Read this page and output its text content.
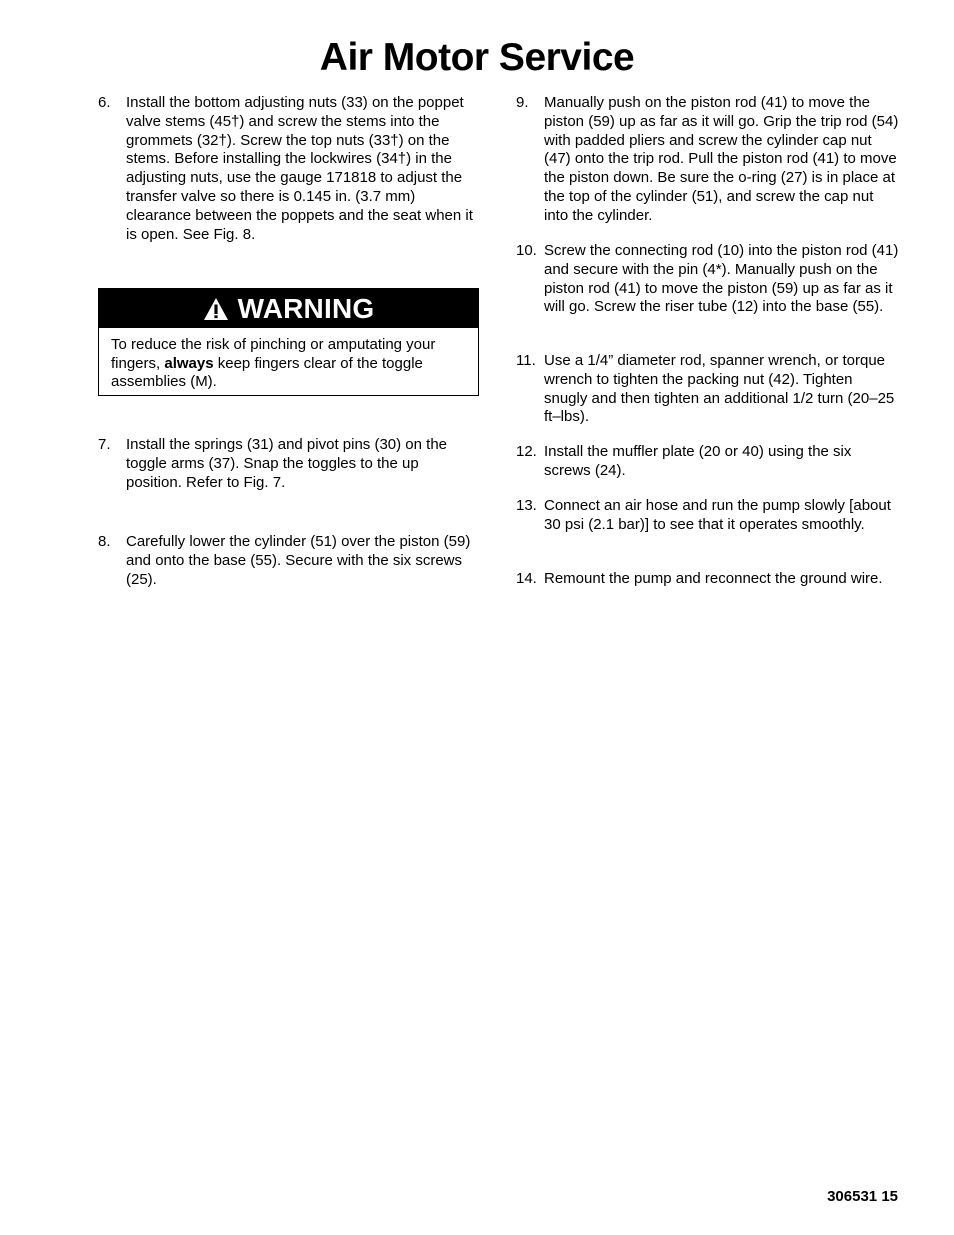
Air Motor Service
6.	Install the bottom adjusting nuts (33) on the poppet valve stems (45†) and screw the stems into the grommets (32†). Screw the top nuts (33†) on the stems. Before installing the lockwires (34†) in the adjusting nuts, use the gauge 171818 to adjust the transfer valve so there is 0.145 in. (3.7 mm) clearance between the poppets and the seat when it is open. See Fig. 8.
WARNING
To reduce the risk of pinching or amputating your fingers, always keep fingers clear of the toggle assemblies (M).
7.	Install the springs (31) and pivot pins (30) on the toggle arms (37). Snap the toggles to the up position. Refer to Fig. 7.
8.	Carefully lower the cylinder (51) over the piston (59) and onto the base (55). Secure with the six screws (25).
9.	Manually push on the piston rod (41) to move the piston (59) up as far as it will go. Grip the trip rod (54) with padded pliers and screw the cylinder cap nut (47) onto the trip rod. Pull the piston rod (41) to move the piston down. Be sure the o-ring (27) is in place at the top of the cylinder (51), and screw the cap nut into the cylinder.
10. Screw the connecting rod (10) into the piston rod (41) and secure with the pin (4*). Manually push on the piston rod (41) to move the piston (59) up as far as it will go. Screw the riser tube (12) into the base (55).
11. Use a 1/4” diameter rod, spanner wrench, or torque wrench to tighten the packing nut (42). Tighten snugly and then tighten an additional 1/2 turn (20–25 ft–lbs).
12. Install the muffler plate (20 or 40) using the six screws (24).
13. Connect an air hose and run the pump slowly [about 30 psi (2.1 bar)] to see that it operates smoothly.
14. Remount the pump and reconnect the ground wire.
306531 15
